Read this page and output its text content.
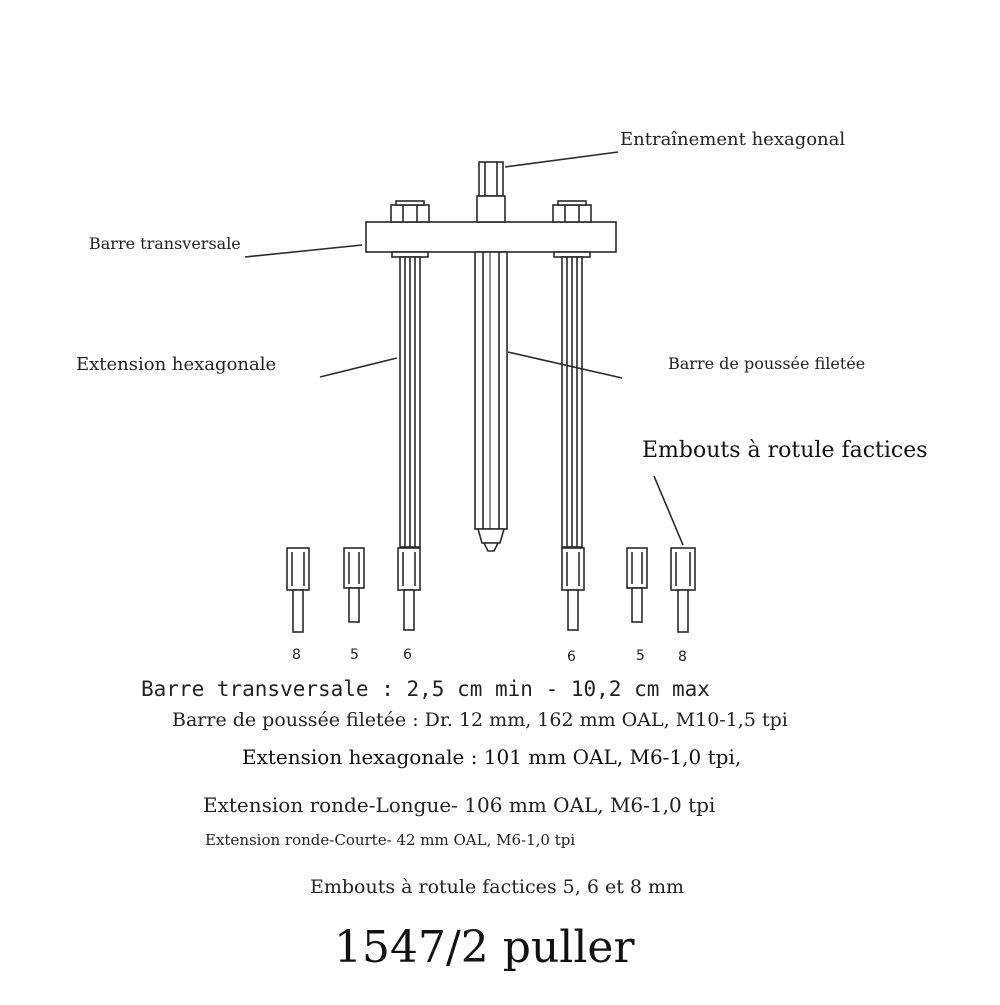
Entraînement hexagonal
Barre transversale
Extension hexagonale	Barre de poussée filetée
Embouts à rotule factices
8	5	6	6	5 8
Barre transversale : 2,5 cm min - 10,2 cm max
Barre de poussée filetée : Dr. 12 mm, 162 mm OAL, M10-1,5 tpi
Extension hexagonale : 101 mm OAL, M6-1,0 tpi,
Extension ronde-Longue- 106 mm OAL, M6-1,0 tpi
Extension ronde-Courte- 42 mm OAL, M6-1,0 tpi
Embouts à rotule factices 5, 6 et 8 mm
1547/2 puller
